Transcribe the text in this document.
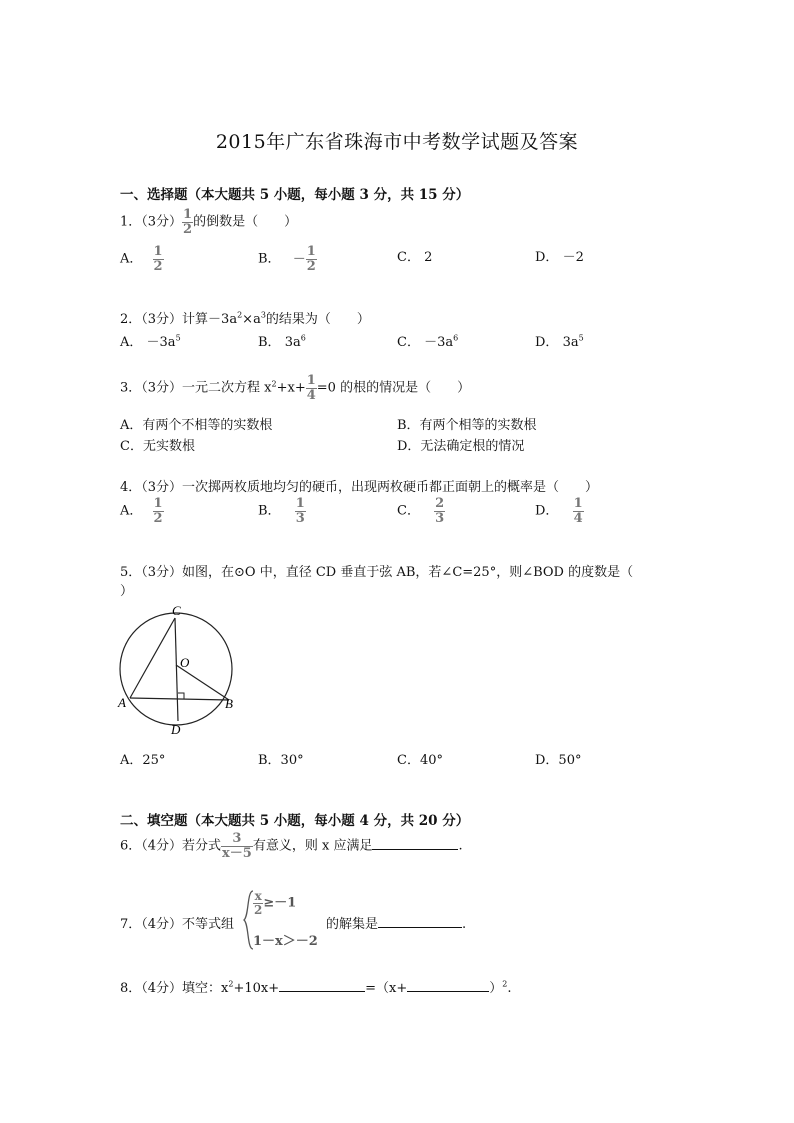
2015年广东省珠海市中考数学试题及答案
一、选择题（本大题共 5 小题，每小题 3 分，共 15 分）
1．（3分） $\frac{1}{2}$ 的倒数是（　　）
A． $\frac{1}{2}$	B． － $\frac{1}{2}$	C． 2	D． －2
2．（3分）计算$-3a^2\times a^3$的结果为（　　）
A． $-3a^5$	B． $3a^6$	C． $-3a^6$	D． $3a^5$
3．（3分）一元二次方程 $x^2+x+ \frac{1}{4} =0$ 的根的情况是（　　）
A．有两个不相等的实数根	B．有两个相等的实数根
C．无实数根	D．无法确定根的情况
4．（3分）一次掷两枚质地均匀的硬币，出现两枚硬币都正面朝上的概率是（　　）
A． $\frac{1}{2}$	B． $\frac{1}{3}$	C． $\frac{2}{3}$	D． $\frac{1}{4}$
5．（3分）如图，在⊙O 中，直径 CD 垂直于弦 AB，若∠C=25°，则∠BOD 的度数是（
）
C
O
A	B
D
A．25°	B．30°	C．40°	D．50°
二、填空题（本大题共 5 小题，每小题 4 分，共 20 分）
6．（4分）若分式 $\frac{3}{x-5}$ 有意义，则 x 应满足	.
7．（4分）不等式组
$\frac{x}{2} \ge-1$
1－x＞－2
的解集是	.
8．（4分）填空：$x^2+10x+$	=（x+	）$^2$.
